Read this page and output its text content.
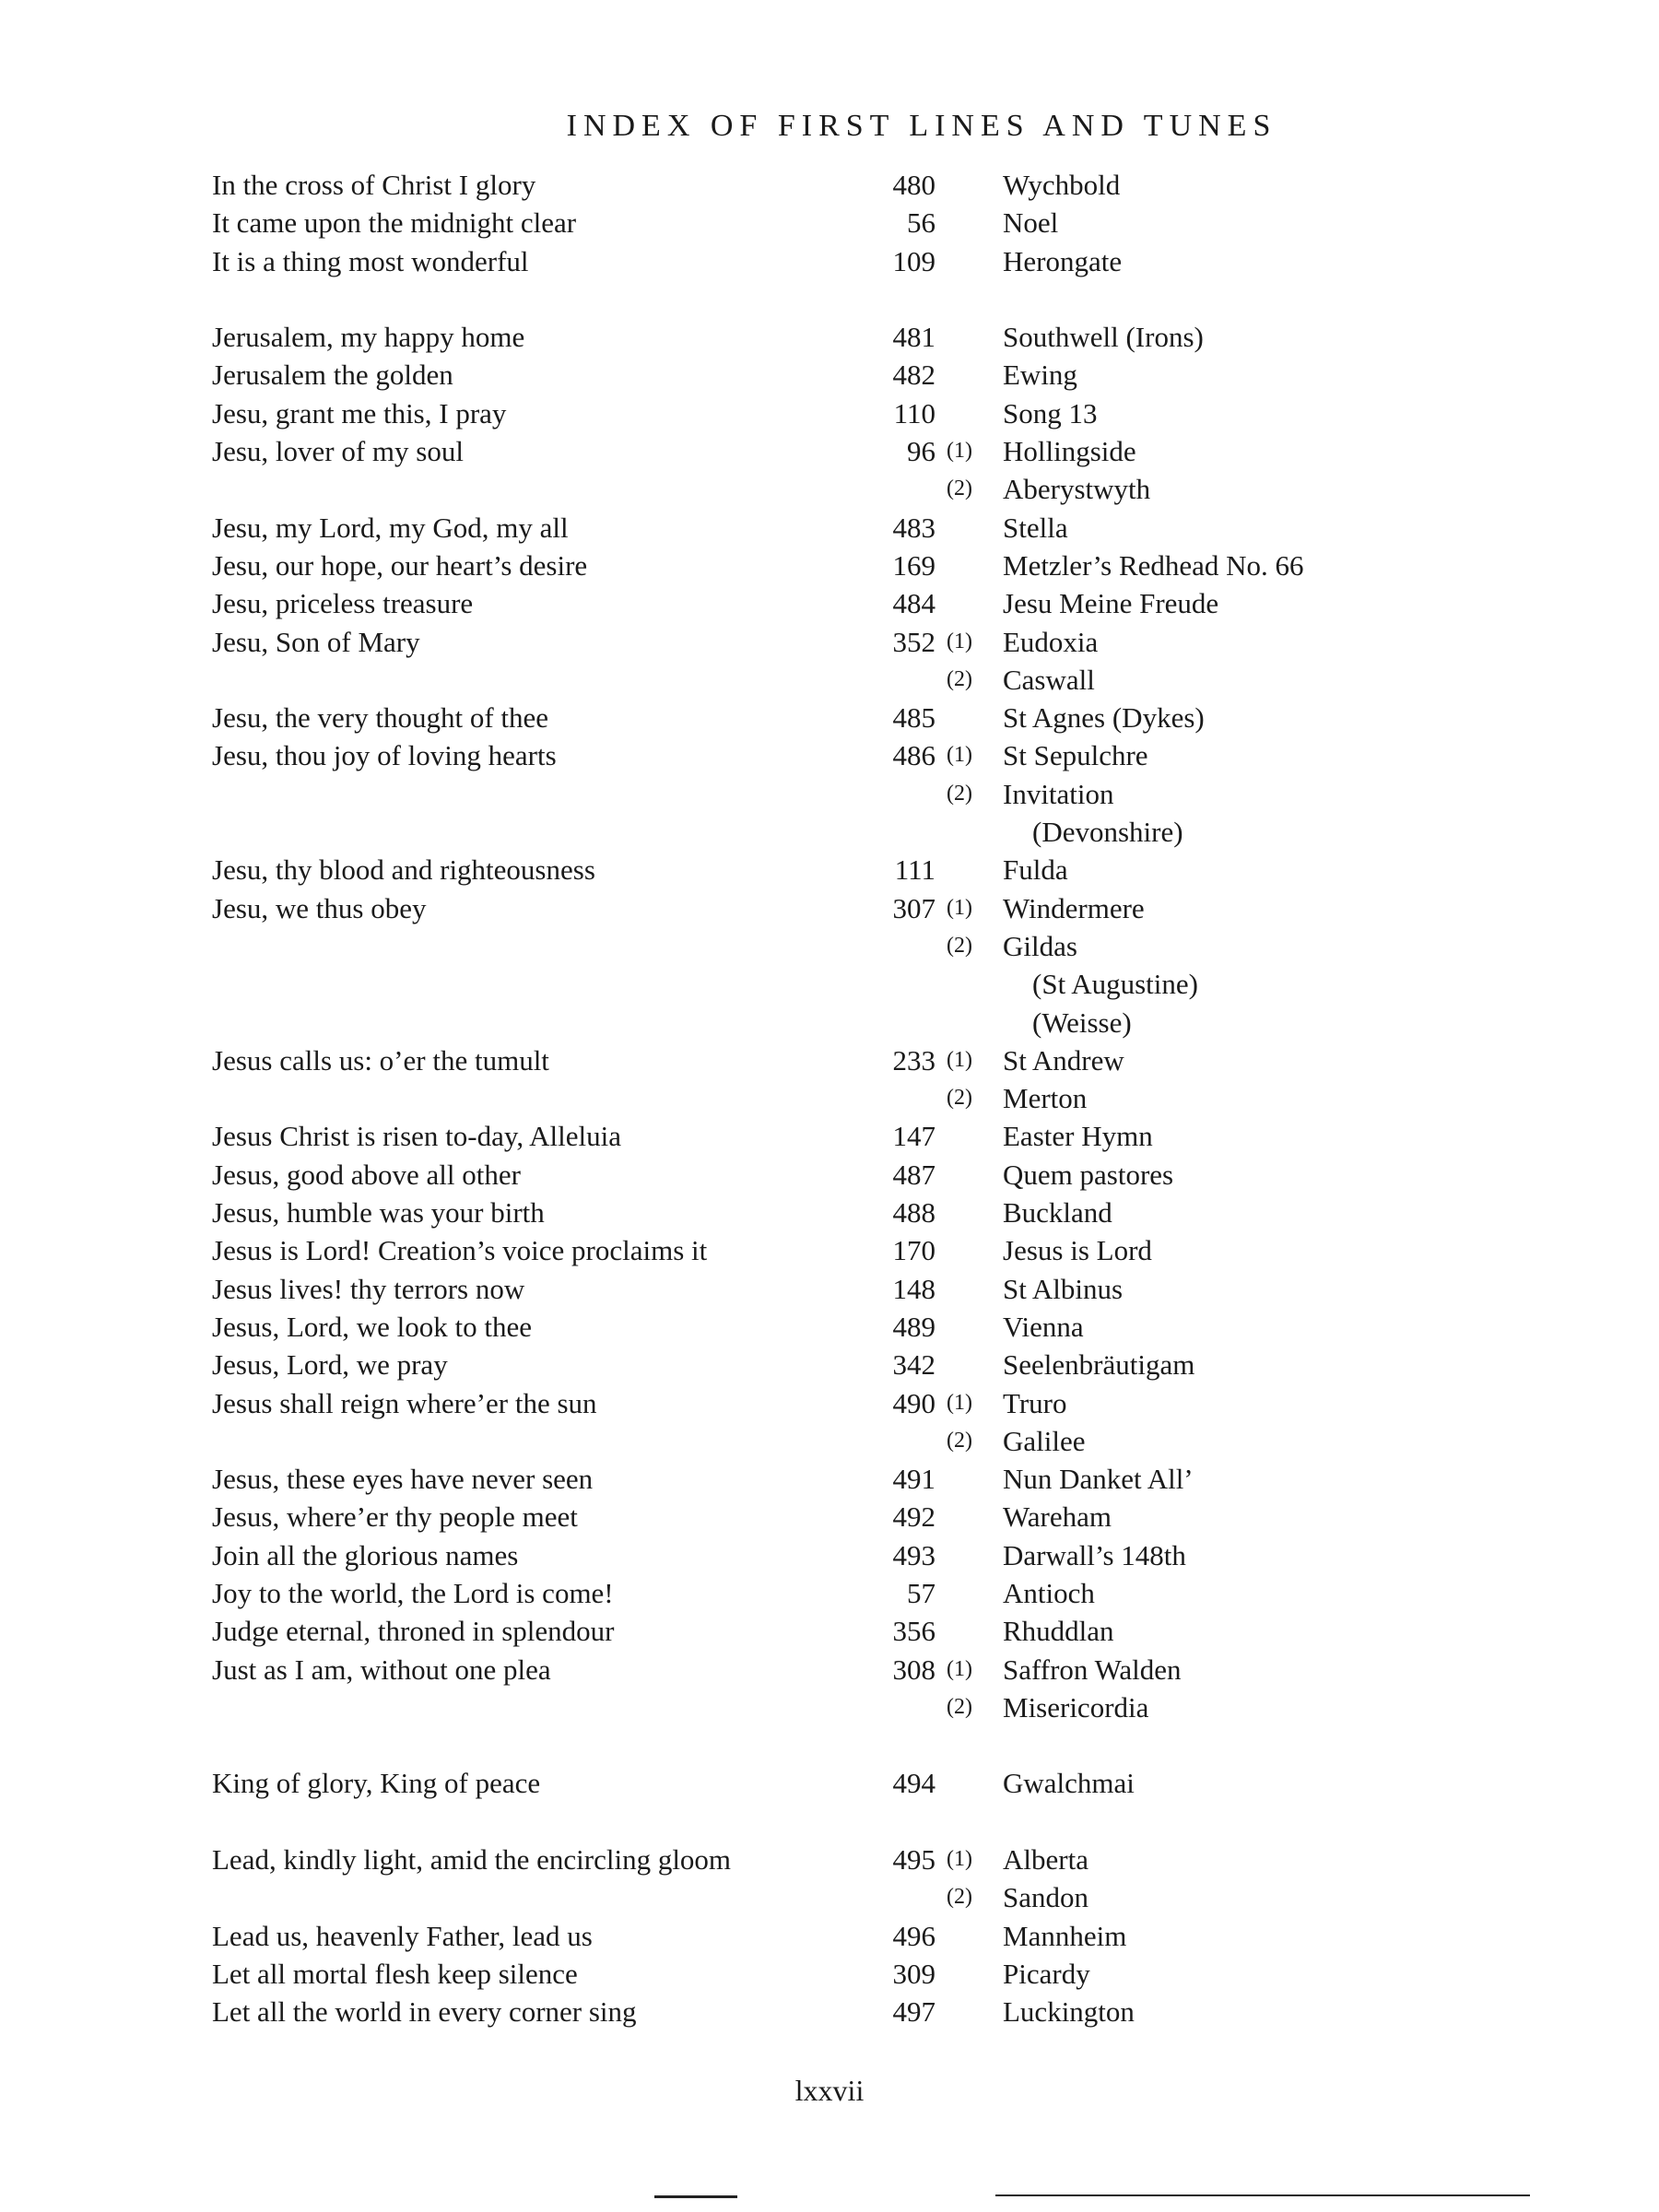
INDEX OF FIRST LINES AND TUNES
In the cross of Christ I glory	480 Wychbold
It came upon the midnight clear	56 Noel
It is a thing most wonderful	109 Herongate
Jerusalem, my happy home	481 Southwell (Irons)
Jerusalem the golden	482 Ewing
Jesu, grant me this, I pray	110 Song 13
Jesu, lover of my soul	96 (1) Hollingside
(2) Aberystwyth
Jesu, my Lord, my God, my all	483 Stella
Jesu, our hope, our heart’s desire	169 Metzler’s Redhead No. 66
Jesu, priceless treasure	484 Jesu Meine Freude
Jesu, Son of Mary	352 (1) Eudoxia
(2) Caswall
Jesu, the very thought of thee	485 St Agnes (Dykes)
Jesu, thou joy of loving hearts	486 (1) St Sepulchre
(2) Invitation
(Devonshire)
Jesu, thy blood and righteousness	111 Fulda
Jesu, we thus obey	307 (1) Windermere
(2) Gildas
(St Augustine)
(Weisse)
Jesus calls us: o’er the tumult	233 (1) St Andrew
(2) Merton
Jesus Christ is risen to-day, Alleluia	147 Easter Hymn
Jesus, good above all other	487 Quem pastores
Jesus, humble was your birth	488 Buckland
Jesus is Lord! Creation’s voice proclaims it	170 Jesus is Lord
Jesus lives! thy terrors now	148 St Albinus
Jesus, Lord, we look to thee	489 Vienna
Jesus, Lord, we pray	342 Seelenbräutigam
Jesus shall reign where’er the sun	490 (1) Truro
(2) Galilee
Jesus, these eyes have never seen	491 Nun Danket All’
Jesus, where’er thy people meet	492 Wareham
Join all the glorious names	493 Darwall’s 148th
Joy to the world, the Lord is come!	57 Antioch
Judge eternal, throned in splendour	356 Rhuddlan
Just as I am, without one plea	308 (1) Saffron Walden
(2) Misericordia
King of glory, King of peace	494 Gwalchmai
Lead, kindly light, amid the encircling gloom	495 (1) Alberta
(2) Sandon
Lead us, heavenly Father, lead us	496 Mannheim
Let all mortal flesh keep silence	309 Picardy
Let all the world in every corner sing	497 Luckington
lxxvii
